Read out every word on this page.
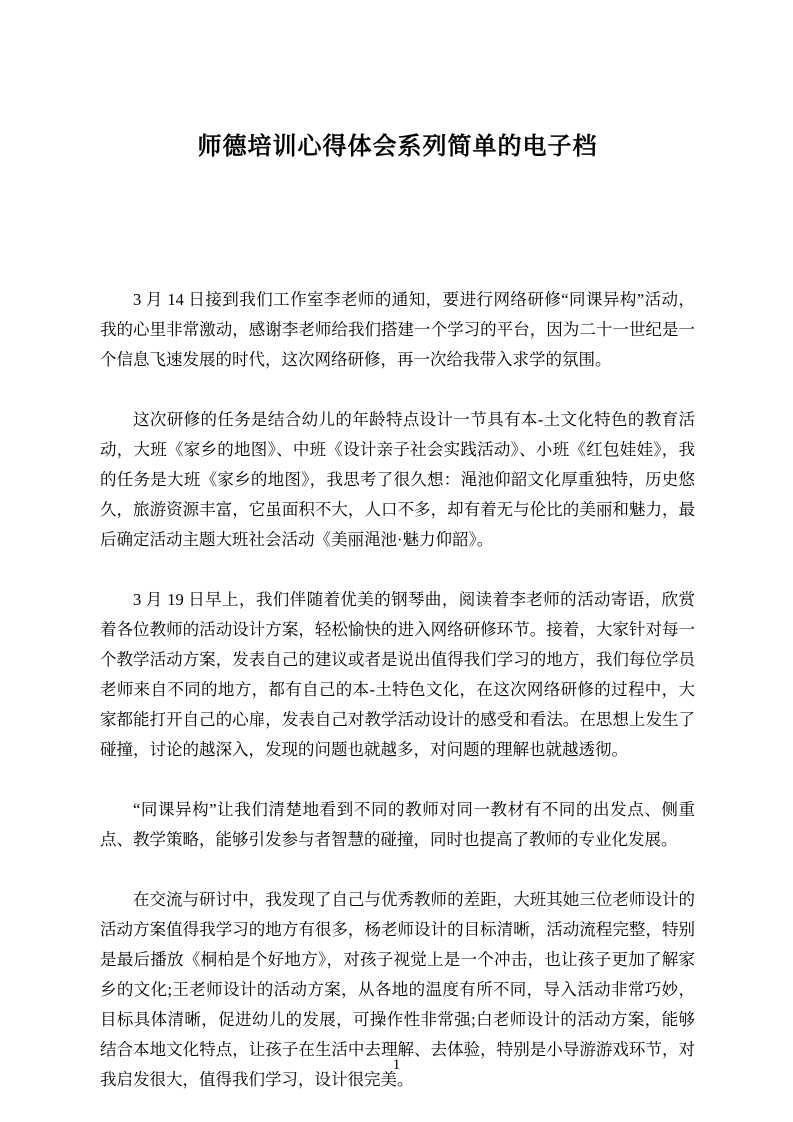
师德培训心得体会系列简单的电子档

3 月 14 日接到我们工作室李老师的通知，要进行网络研修“同课异构”活动，我的心里非常激动，感谢李老师给我们搭建一个学习的平台，因为二十一世纪是一个信息飞速发展的时代，这次网络研修，再一次给我带入求学的氛围。

这次研修的任务是结合幼儿的年龄特点设计一节具有本-土文化特色的教育活动，大班《家乡的地图》、中班《设计亲子社会实践活动》、小班《红包娃娃》，我的任务是大班《家乡的地图》，我思考了很久想：渑池仰韶文化厚重独特，历史悠久，旅游资源丰富，它虽面积不大，人口不多，却有着无与伦比的美丽和魅力，最后确定活动主题大班社会活动《美丽渑池·魅力仰韶》。

3 月 19 日早上，我们伴随着优美的钢琴曲，阅读着李老师的活动寄语，欣赏着各位教师的活动设计方案，轻松愉快的进入网络研修环节。接着，大家针对每一个教学活动方案，发表自己的建议或者是说出值得我们学习的地方，我们每位学员老师来自不同的地方，都有自己的本-土特色文化，在这次网络研修的过程中，大家都能打开自己的心扉，发表自己对教学活动设计的感受和看法。在思想上发生了碰撞，讨论的越深入，发现的问题也就越多，对问题的理解也就越透彻。

“同课异构”让我们清楚地看到不同的教师对同一教材有不同的出发点、侧重点、教学策略，能够引发参与者智慧的碰撞，同时也提高了教师的专业化发展。

在交流与研讨中，我发现了自己与优秀教师的差距，大班其她三位老师设计的活动方案值得我学习的地方有很多，杨老师设计的目标清晰，活动流程完整，特别是最后播放《桐柏是个好地方》，对孩子视觉上是一个冲击，也让孩子更加了解家乡的文化;王老师设计的活动方案，从各地的温度有所不同，导入活动非常巧妙，目标具体清晰，促进幼儿的发展，可操作性非常强;白老师设计的活动方案，能够结合本地文化特点，让孩子在生活中去理解、去体验，特别是小导游游戏环节，对我启发很大，值得我们学习，设计很完美。

1
